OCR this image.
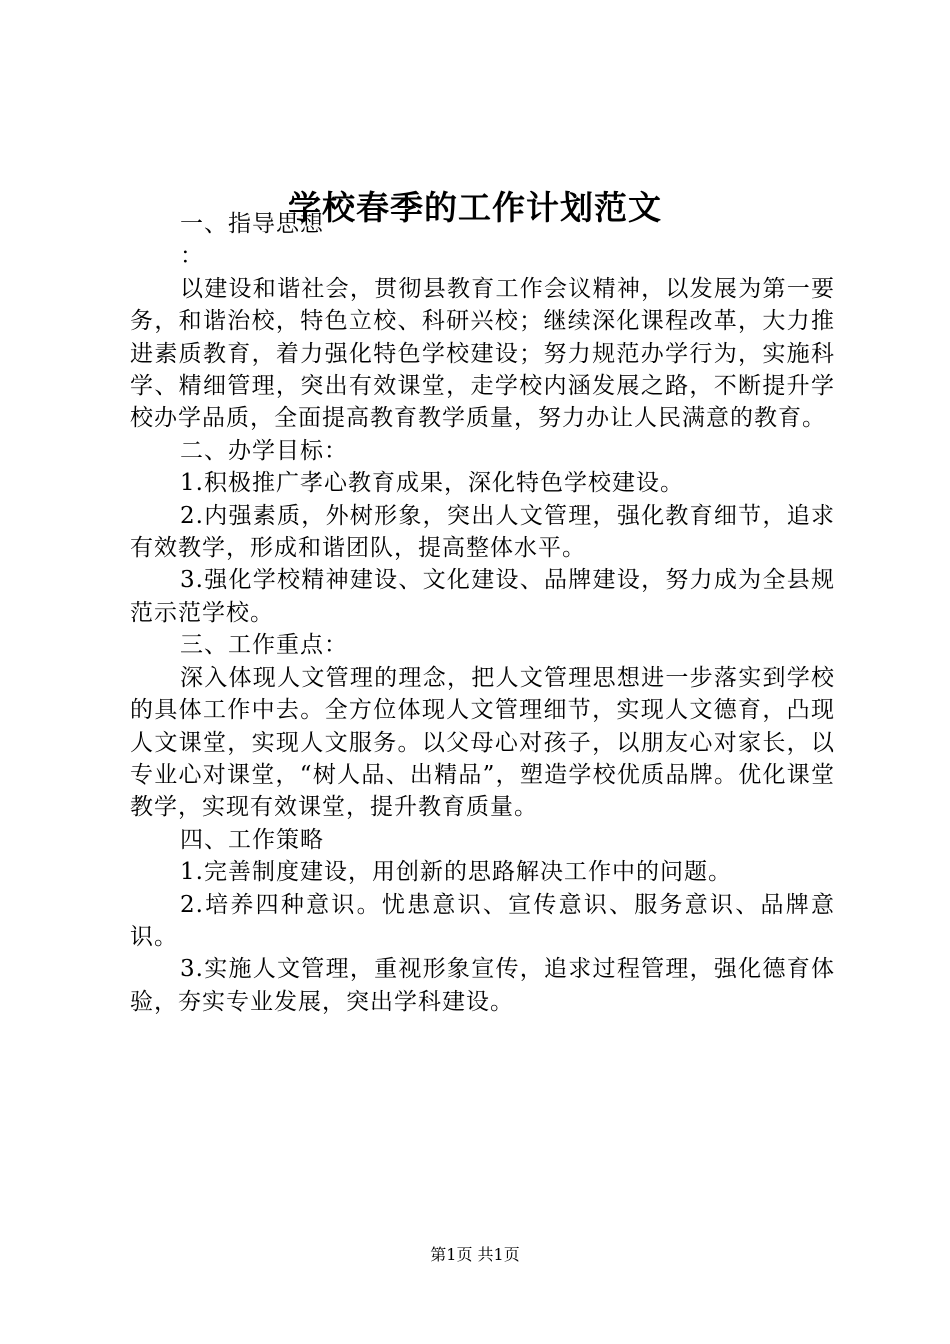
学校春季的工作计划范文

一、指导思想

：

以建设和谐社会，贯彻县教育工作会议精神，以发展为第一要务，和谐治校，特色立校、科研兴校；继续深化课程改革，大力推进素质教育，着力强化特色学校建设；努力规范办学行为，实施科学、精细管理，突出有效课堂，走学校内涵发展之路，不断提升学校办学品质，全面提高教育教学质量，努力办让人民满意的教育。

二、办学目标：

1.积极推广孝心教育成果，深化特色学校建设。

2.内强素质，外树形象，突出人文管理，强化教育细节，追求有效教学，形成和谐团队，提高整体水平。

3.强化学校精神建设、文化建设、品牌建设，努力成为全县规范示范学校。

三、工作重点：

深入体现人文管理的理念，把人文管理思想进一步落实到学校的具体工作中去。全方位体现人文管理细节，实现人文德育，凸现人文课堂，实现人文服务。以父母心对孩子，以朋友心对家长，以专业心对课堂，“树人品、出精品”，塑造学校优质品牌。优化课堂教学，实现有效课堂，提升教育质量。

四、工作策略

1.完善制度建设，用创新的思路解决工作中的问题。

2.培养四种意识。忧患意识、宣传意识、服务意识、品牌意识。

3.实施人文管理，重视形象宣传，追求过程管理，强化德育体验，夯实专业发展，突出学科建设。

第1页 共1页
